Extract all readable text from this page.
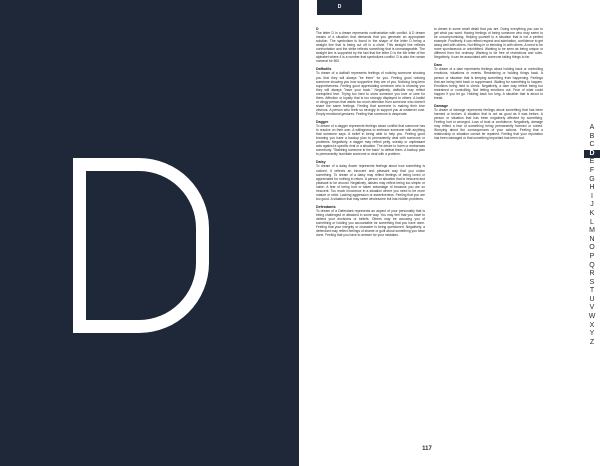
D
D

The letter D in a dream represents confrontation with conflict. A D dream means of a situation that demands that you generate an appropriate solution. The symbolism is found in the shape of the letter D being a straight line that is being cut off in a circle. This straight line reflects confrontation and the strike reflects something that is unmanageable. The straight line is supported by the fact that the letter D is the 4th letter of the alphabet where 4 is a number that symbolizes conflict. D is also the roman numeral for 500.

Daffodils

To dream of a daffodil represents feelings of noticing someone showing you that they will always "be there" for you. Feeling good noticing someone showing you how supportive they are of you. Noticing long-term supportiveness. Feeling good appreciating someone who is showing you they will always "have your back." Negatively, daffodils may reflect unrequited love. Trying too hard to show someone you love or care for them. Affection or loyalty that is too strongly displayed to others. A lustful or clingy person that wants too much attention from someone who doesn't share the same feelings. Feeling that someone is making their love obvious. A person who feels so strongly to support you at whatever cost. Empty emotional gestures. Feeling that someone is desperate.

Dagger

To dream of a dagger represents feelings about conflict that someone has to resolve on their own. A willingness to embrace someone with anything that someone says. A belief in being able to help you. Feeling good knowing you have a backup plan to permanently deal with someone or problems. Negatively, a dagger may reflect petty, sneaky or unpleasant acts against a specific rival or a situation. The desire to harm or embarrass somebody. "Stabbing someone in the back" to defeat them. A backup plan to permanently humiliate someone or deal with a problem.

Daisy

To dream of a daisy flower represents feelings about how something is noticed. It reflects an innocent and pleasant way that you notice something. To dream of a daisy may reflect feelings of being loved or appreciated for nothing in return. A person or situation that is innocent and pleasant to be around. Negatively, daisies may reflect being too simple or naive. A fear of being hurt or taken advantage of because you are so innocent. Too much innocence in a situation where you need to be more mature or strict. Lacking aggression or assertiveness. Feeling that you are too good. A situation that may seem wholesome but has hidden problems.

Defendants

To dream of a Defendant represents an aspect of your personality that is being challenged or attacked in some way. You may feel that you have to defend your decisions or beliefs. Others may be accusing you of something or holding you accountable for something that you have done. Feeling that your integrity or character is being questioned. Negatively, a defendant may reflect feelings of shame or guilt about something you have done. Feeling that you have to answer for your mistakes.

to dream in some small detail that you are. Doing everything you can to get what you want. Having feelings of being someone who may seem to be uncompromising. Helping yourself to a situation that is not a perfect example. Positively, it can reflect respect and admiration, confidence to get along well with others. Not fitting in or blending in with others. A need to be more spontaneous or uninhibited. Wanting to be seen as being unique or different from the ordinary. Wanting to be free of restrictions and rules. Negatively, it can be associated with someone taking things to far.

Dam

To dream of a dam represents feelings about holding back or controlling emotions, situations or events. Restraining or holding things back. A person or situation that is keeping something from happening. Feelings that are being held back or suppressed. Waiting for something to happen. Emotions being held in check. Negatively, a dam may reflect being too restrained or controlling. Not letting emotions out. Fear of what could happen if you let go. Holding back too long. A situation that is about to break.

Damage

To dream of damage represents feelings about something that has been harmed or broken. A situation that is not as good as it was before. A person or situation that has been negatively affected by something. Feeling hurt or wronged. Loss of trust or confidence. Negatively, damage may reflect a fear of something being permanently harmed or ruined. Worrying about the consequences of your actions. Feeling that a relationship or situation cannot be repaired. Feeling that your reputation has been damaged or that something important has been lost.

A
B
C
D
E
F
G
H
I
J
K
L
M
N
O
P
Q
R
S
T
U
V
W
X
Y
Z
117
